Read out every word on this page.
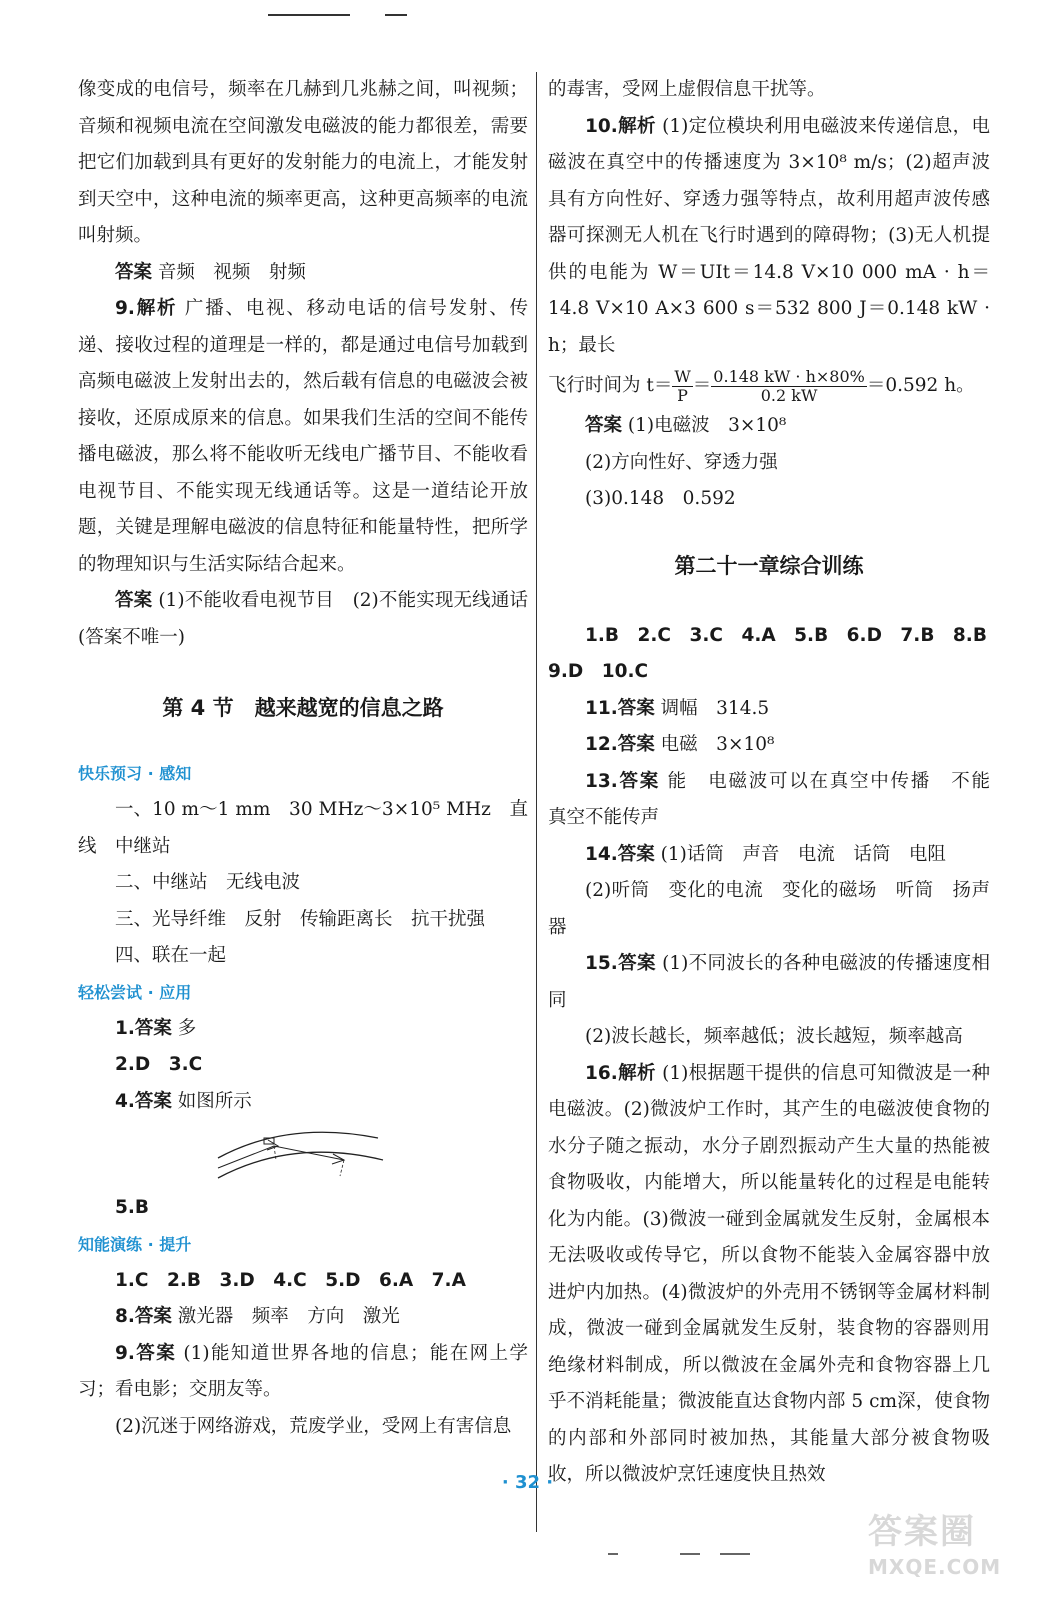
像变成的电信号，频率在几赫到几兆赫之间，叫视频；音频和视频电流在空间激发电磁波的能力都很差，需要把它们加载到具有更好的发射能力的电流上，才能发射到天空中，这种电流的频率更高，这种更高频率的电流叫射频。

答案 音频　视频　射频

9.解析 广播、电视、移动电话的信号发射、传递、接收过程的道理是一样的，都是通过电信号加载到高频电磁波上发射出去的，然后载有信息的电磁波会被接收，还原成原来的信息。如果我们生活的空间不能传播电磁波，那么将不能收听无线电广播节目、不能收看电视节目、不能实现无线通话等。这是一道结论开放题，关键是理解电磁波的信息特征和能量特性，把所学的物理知识与生活实际结合起来。

答案 (1)不能收看电视节目　(2)不能实现无线通话(答案不唯一)

第 4 节　越来越宽的信息之路
快乐预习 · 感知

一、10 m～1 mm　30 MHz～3×10⁵ MHz　直线　中继站

二、中继站　无线电波

三、光导纤维　反射　传输距离长　抗干扰强

四、联在一起

轻松尝试 · 应用

1.答案 多

2.D　3.C

4.答案 如图所示

5.B

知能演练 · 提升

1.C　2.B　3.D　4.C　5.D　6.A　7.A

8.答案 激光器　频率　方向　激光

9.答案 (1)能知道世界各地的信息；能在网上学习；看电影；交朋友等。

(2)沉迷于网络游戏，荒废学业，受网上有害信息

的毒害，受网上虚假信息干扰等。

10.解析 (1)定位模块利用电磁波来传递信息，电磁波在真空中的传播速度为 3×10⁸ m/s；(2)超声波具有方向性好、穿透力强等特点，故利用超声波传感器可探测无人机在飞行时遇到的障碍物；(3)无人机提供的电能为 W＝UIt＝14.8 V×10 000 mA · h＝14.8 V×10 A×3 600 s＝532 800 J＝0.148 kW · h；最长

飞行时间为 $t= \frac{W}{P} = \frac{0.148 kW \cdot h\times 80\%}{0.2 kW} =0.592$ h。

答案 (1)电磁波　3×10⁸

(2)方向性好、穿透力强

(3)0.148　0.592

第二十一章综合训练

1.B　2.C　3.C　4.A　5.B　6.D　7.B　8.B

9.D　10.C

11.答案 调幅　314.5

12.答案 电磁　3×10⁸

13.答案 能　电磁波可以在真空中传播　不能　真空不能传声

14.答案 (1)话筒　声音　电流　话筒　电阻

(2)听筒　变化的电流　变化的磁场　听筒　扬声器

15.答案 (1)不同波长的各种电磁波的传播速度相同

(2)波长越长，频率越低；波长越短，频率越高

16.解析 (1)根据题干提供的信息可知微波是一种电磁波。(2)微波炉工作时，其产生的电磁波使食物的水分子随之振动，水分子剧烈振动产生大量的热能被食物吸收，内能增大，所以能量转化的过程是电能转化为内能。(3)微波一碰到金属就发生反射，金属根本无法吸收或传导它，所以食物不能装入金属容器中放进炉内加热。(4)微波炉的外壳用不锈钢等金属材料制成，微波一碰到金属就发生反射，装食物的容器则用绝缘材料制成，所以微波在金属外壳和食物容器上几乎不消耗能量；微波能直达食物内部 5 cm深，使食物的内部和外部同时被加热，其能量大部分被食物吸收，所以微波炉烹饪速度快且热效

· 32 ·
答案圈
MXQE.COM
